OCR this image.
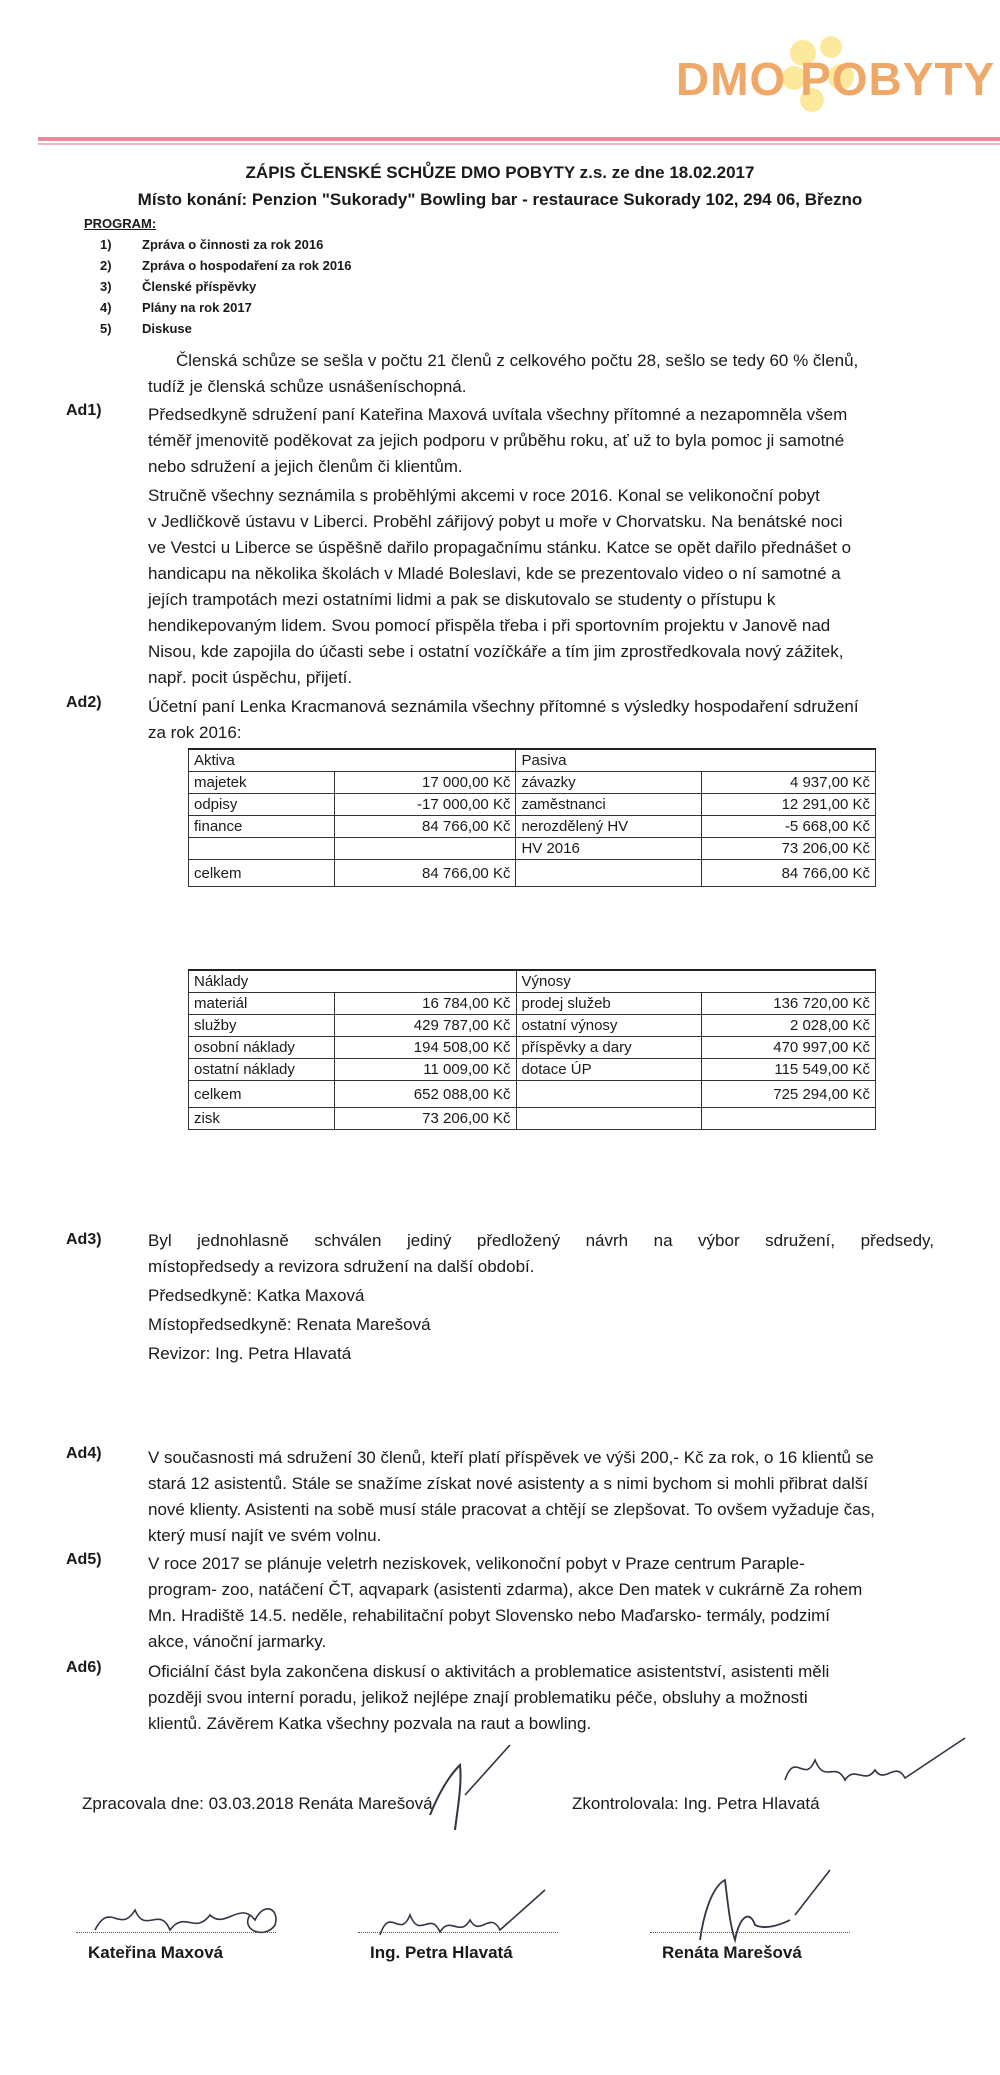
DMO POBYTY
ZÁPIS ČLENSKÉ SCHŮZE DMO POBYTY z.s. ze dne 18.02.2017
Místo konání: Penzion "Sukorady" Bowling bar - restaurace Sukorady 102, 294 06, Březno
PROGRAM:
1) Zpráva o činnosti za rok 2016
2) Zpráva o hospodaření za rok 2016
3) Členské příspěvky
4) Plány na rok 2017
5) Diskuse
Členská schůze se sešla v počtu 21 členů z celkového počtu 28, sešlo se tedy 60 % členů,
tudíž je členská schůze usnášeníschopná.
Ad1)	Předsedkyně sdružení paní Kateřina Maxová uvítala všechny přítomné a nezapomněla všem
téměř jmenovitě poděkovat za jejich podporu v průběhu roku, ať už to byla pomoc ji samotné
nebo sdružení a jejich členům či klientům.
Stručně všechny seznámila s proběhlými akcemi v roce 2016. Konal se velikonoční pobyt
v Jedličkově ústavu v Liberci. Proběhl zářijový pobyt u moře v Chorvatsku. Na benátské noci
ve Vestci u Liberce se úspěšně dařilo propagačnímu stánku. Katce se opět dařilo přednášet o
handicapu na několika školách v Mladé Boleslavi, kde se prezentovalo video o ní samotné a
jejích trampotách mezi ostatními lidmi a pak se diskutovalo se studenty o přístupu k
hendikepovaným lidem. Svou pomocí přispěla třeba i při sportovním projektu v Janově nad
Nisou, kde zapojila do účasti sebe i ostatní vozíčkáře a tím jim zprostředkovala nový zážitek,
např. pocit úspěchu, přijetí.
Ad2)	Účetní paní Lenka Kracmanová seznámila všechny přítomné s výsledky hospodaření sdružení
za rok 2016:
Aktiva		Pasiva	
majetek	17 000,00 Kč	závazky	4 937,00 Kč
odpisy	-17 000,00 Kč	zaměstnanci	12 291,00 Kč
finance	84 766,00 Kč	nerozdělený HV	-5 668,00 Kč
		HV 2016	73 206,00 Kč
celkem	84 766,00 Kč		84 766,00 Kč
Náklady		Výnosy	
materiál	16 784,00 Kč	prodej služeb	136 720,00 Kč
služby	429 787,00 Kč	ostatní výnosy	2 028,00 Kč
osobní náklady	194 508,00 Kč	příspěvky a dary	470 997,00 Kč
ostatní náklady	11 009,00 Kč	dotace ÚP	115 549,00 Kč
celkem	652 088,00 Kč		725 294,00 Kč
zisk	73 206,00 Kč		
Ad3)	Byl jednohlasně schválen jediný předložený návrh na výbor sdružení, předsedy,
místopředsedy a revizora sdružení na další období.
Předsedkyně: Katka Maxová
Místopředsedkyně: Renata Marešová
Revizor: Ing. Petra Hlavatá
Ad4)	V současnosti má sdružení 30 členů, kteří platí příspěvek ve výši 200,- Kč za rok, o 16 klientů se
stará 12 asistentů. Stále se snažíme získat nové asistenty a s nimi bychom si mohli přibrat další
nové klienty. Asistenti na sobě musí stále pracovat a chtějí se zlepšovat. To ovšem vyžaduje čas,
který musí najít ve svém volnu.
Ad5)	V roce 2017 se plánuje veletrh neziskovek, velikonoční pobyt v Praze centrum Paraple-
program- zoo, natáčení ČT, aqvapark (asistenti zdarma), akce Den matek v cukrárně Za rohem
Mn. Hradiště 14.5. neděle, rehabilitační pobyt Slovensko nebo Maďarsko- termály, podzimí
akce, vánoční jarmarky.
Ad6)	Oficiální část byla zakončena diskusí o aktivitách a problematice asistentství, asistenti měli
později svou interní poradu, jelikož nejlépe znají problematiku péče, obsluhy a možnosti
klientů. Závěrem Katka všechny pozvala na raut a bowling.
Zpracovala dne: 03.03.2018 Renáta Marešová	Zkontrolovala: Ing. Petra Hlavatá
Kateřina Maxová	Ing. Petra Hlavatá	Renáta Marešová
